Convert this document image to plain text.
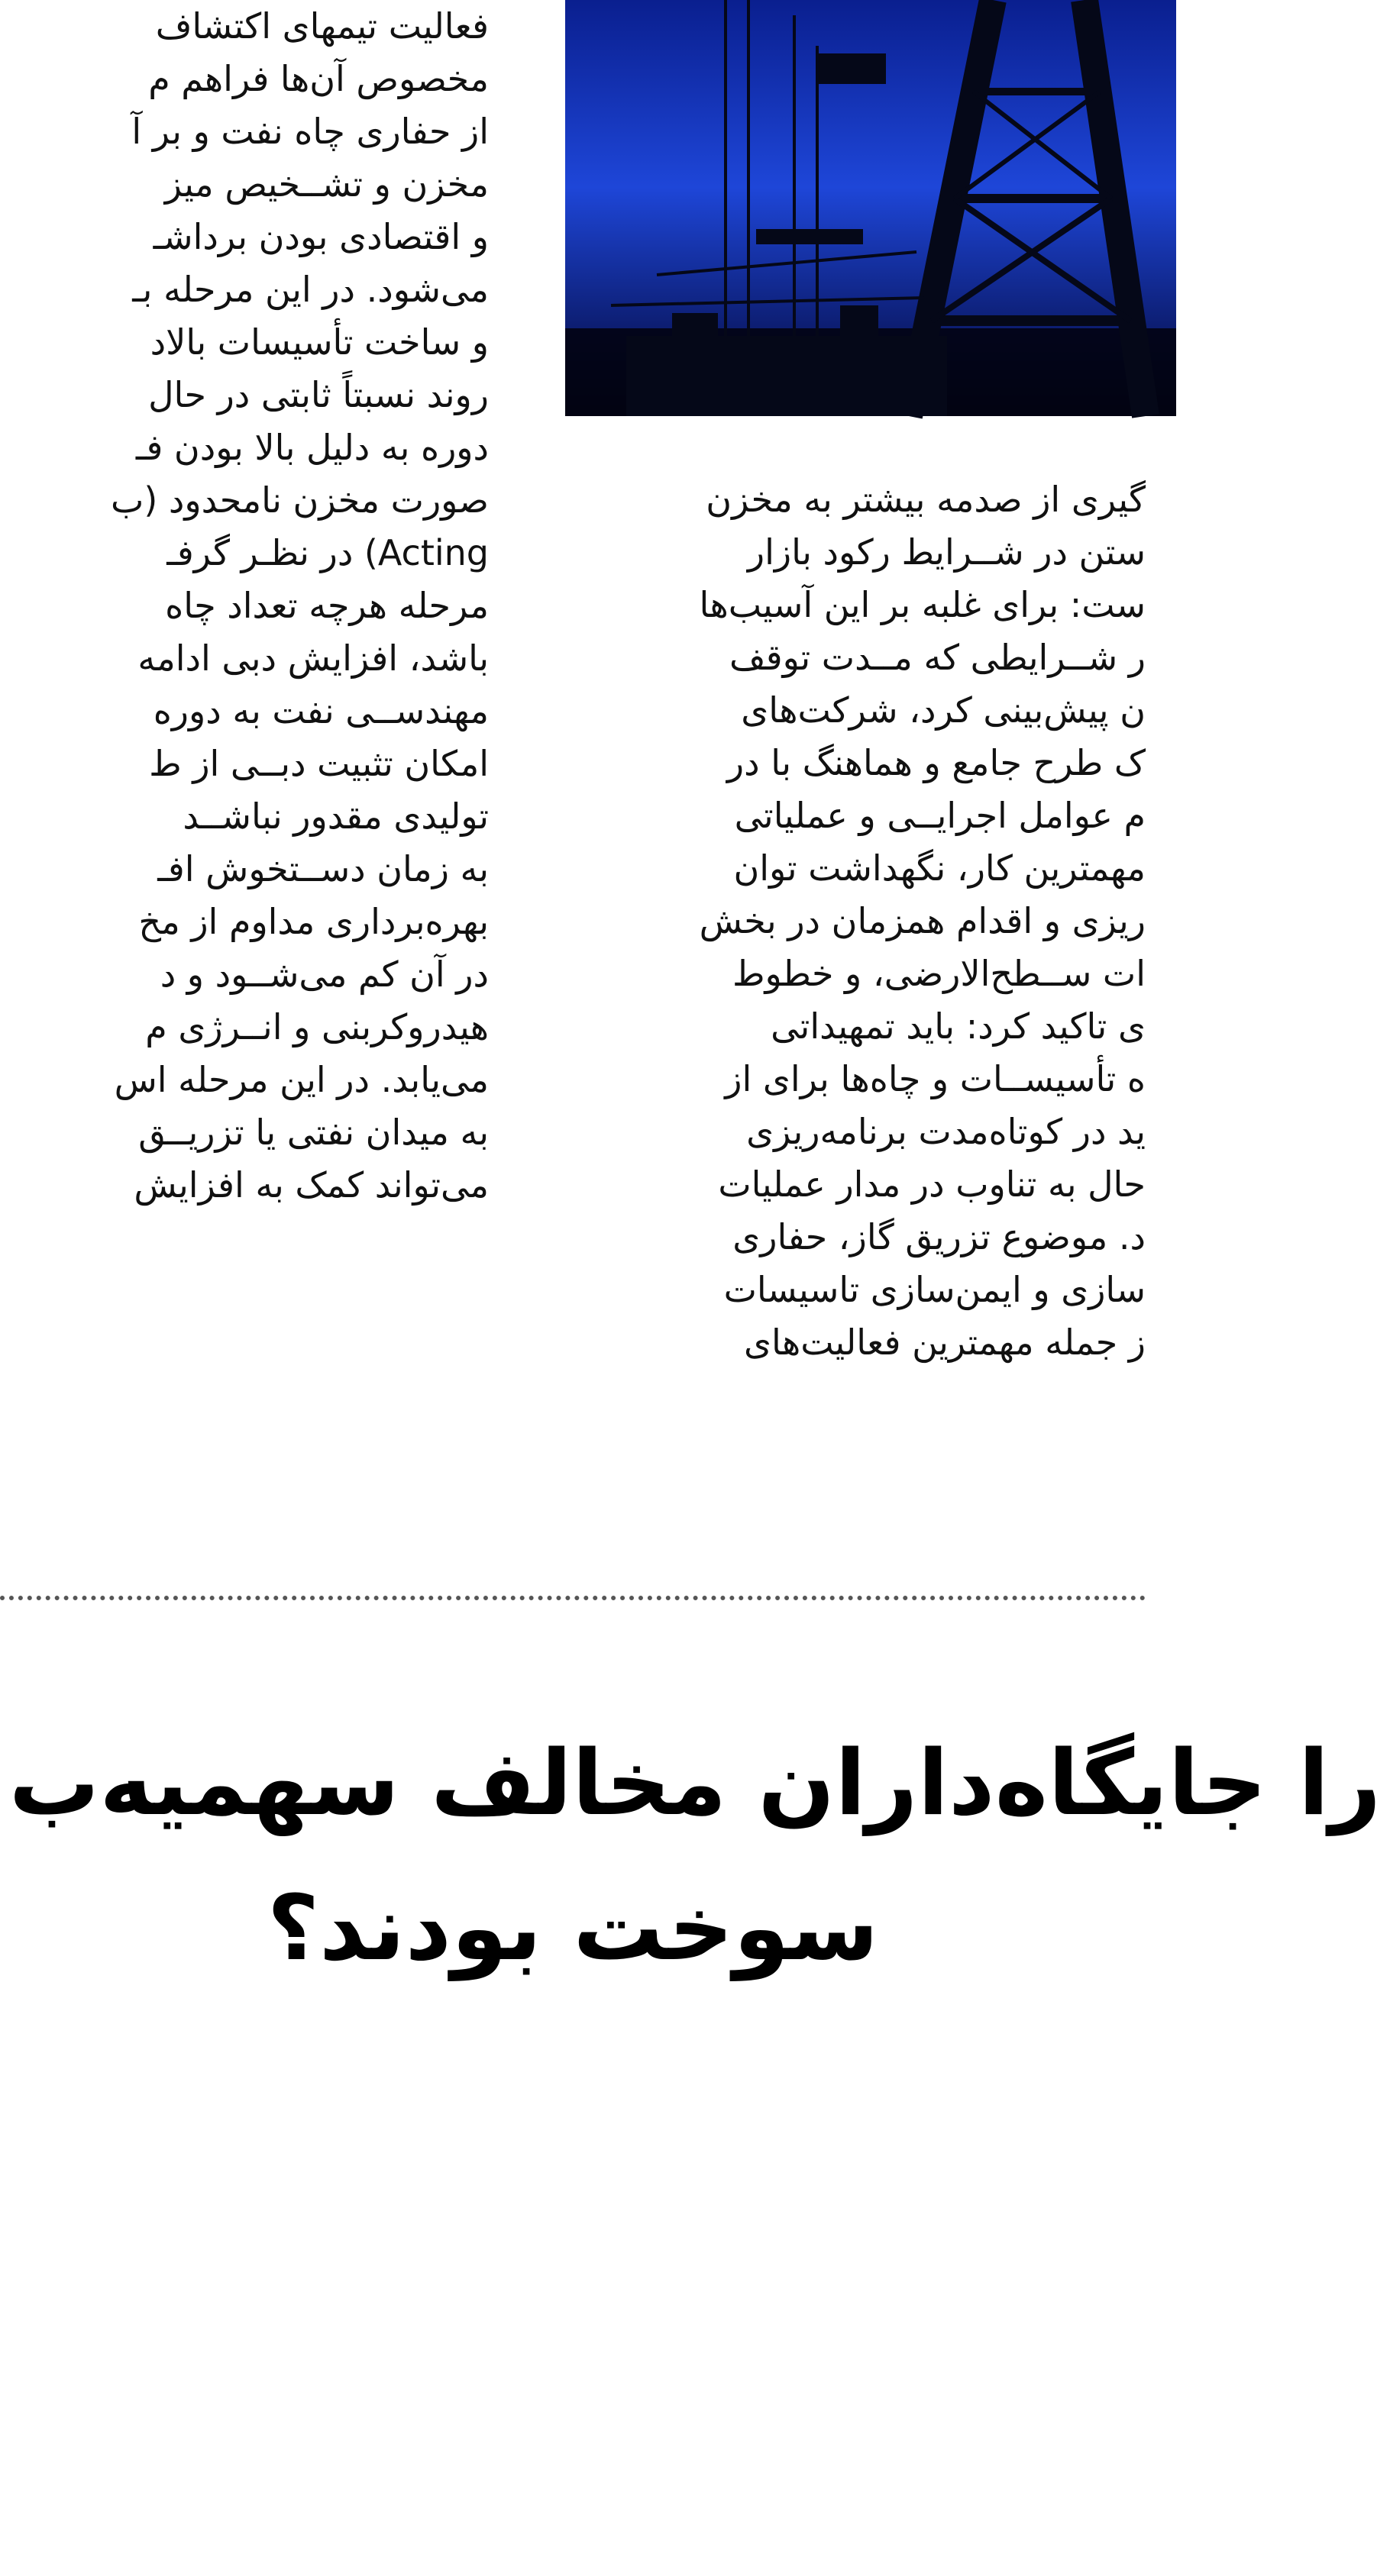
فعالیت تیمهای اکتشاف
مخصوص آن‌ها فراهم م
از حفاری چاه نفت و بر آ
مخزن و تشــخیص میز
و اقتصادی بودن برداشـ
می‌شود. در این مرحله بـ
و ساخت تأسیسات بالاد
روند نسبتاً ثابتی در حال
دوره به دلیل بالا بودن فـ
صورت مخزن نامحدود (ب
Acting) در نظـر گرفـ
مرحله هرچه تعداد چاه
باشد، افزایش دبی ادامه
مهندســی نفت به دوره
امکان تثبیت دبــی از ط
تولیدی مقدور نباشــد
به زمان دســتخوش افـ
بهره‌برداری مداوم از مخ
در آن کم می‌شــود و د
هیدروکربنی و انــرژی م
می‌یابد. در این مرحله اس
به میدان نفتی یا تزریــق
می‌تواند کمک به افزایش
گیری از صدمه بیشتر به مخزن
ستن در شــرایط رکود بازار
ست: برای غلبه بر این آسیب‌ها
ر شــرایطی که مــدت توقف
ن پیش‌بینی کرد، شرکت‌های
ک طرح جامع و هماهنگ با در
م عوامل اجرایــی و عملیاتی
مهمترین کار، نگهداشت توان
ریزی و اقدام همزمان در بخش
ات ســطح‌الارضی، و خطوط
ی تاکید کرد: باید تمهیداتی
ه تأسیســات و چاه‌ها برای از
ید در کوتاه‌مدت برنامه‌ریزی
حال به تناوب در مدار عملیات
د. موضوع تزریق گاز، حفاری
سازی و ایمن‌سازی تاسیسات
ز جمله مهمترین فعالیت‌های
را جایگاه‌داران مخالف سهمیه‌ب
سوخت بودند؟
